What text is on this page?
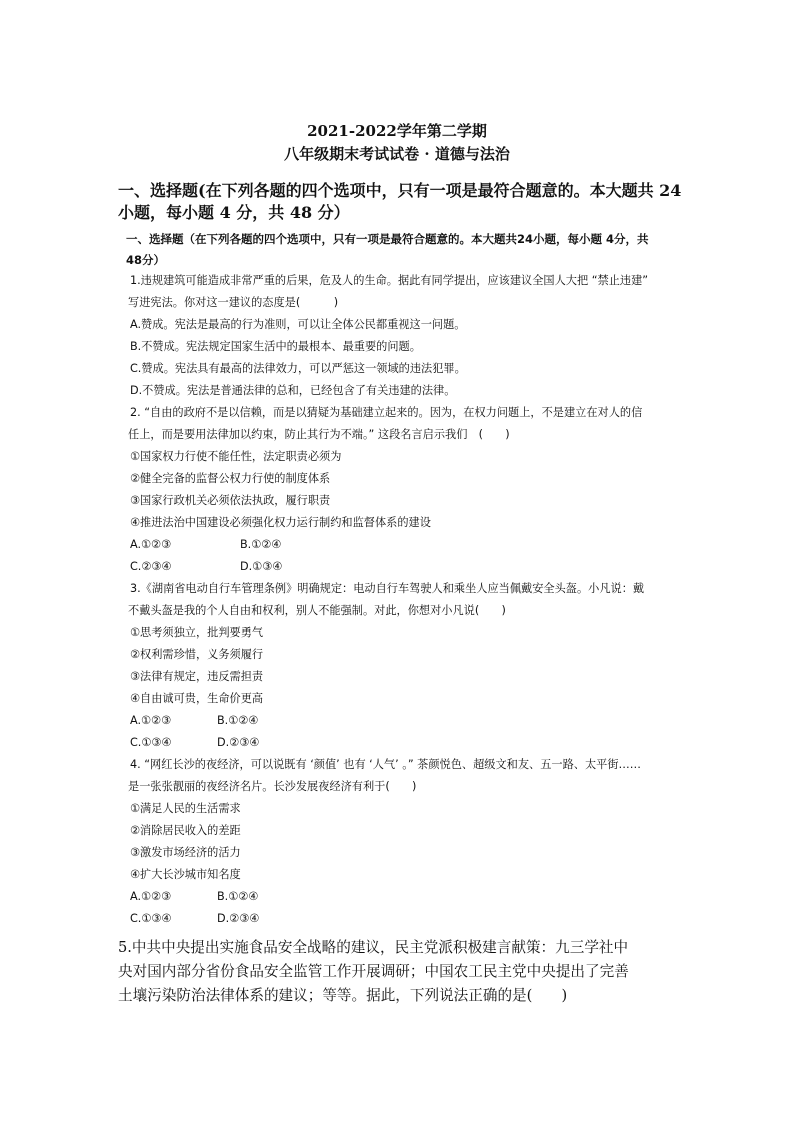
2021-2022学年第二学期
八年级期末考试试卷 · 道德与法治
一、选择题(在下列各题的四个选项中，只有一项是最符合题意的。本大题共 24
小题，每小题 4 分，共 48 分）
一、选择题（在下列各题的四个选项中，只有一项是最符合题意的。本大题共24小题，每小题 4分，共
48分）
1.违规建筑可能造成非常严重的后果，危及人的生命。据此有同学提出，应该建议全国人大把 “禁止违建”
写进宪法。你对这一建议的态度是(　　　)
A.赞成。宪法是最高的行为准则，可以让全体公民都重视这一问题。
B.不赞成。宪法规定国家生活中的最根本、最重要的问题。
C.赞成。宪法具有最高的法律效力，可以严惩这一领域的违法犯罪。
D.不赞成。宪法是普通法律的总和，已经包含了有关违建的法律。
2. “自由的政府不是以信赖，而是以猜疑为基础建立起来的。因为，在权力问题上，不是建立在对人的信
任上，而是要用法律加以约束，防止其行为不端。” 这段名言启示我们　(　　)
①国家权力行使不能任性，法定职责必须为
②健全完备的监督公权力行使的制度体系
③国家行政机关必须依法执政，履行职责
④推进法治中国建设必须强化权力运行制约和监督体系的建设
A.①②③	B.①②④
C.②③④	D.①③④
3.《湖南省电动自行车管理条例》明确规定：电动自行车驾驶人和乘坐人应当佩戴安全头盔。小凡说：戴
不戴头盔是我的个人自由和权利，别人不能强制。对此，你想对小凡说(　　)
①思考须独立，批判要勇气
②权利需珍惜，义务须履行
③法律有规定，违反需担责
④自由诚可贵，生命价更高
A.①②③	B.①②④
C.①③④	D.②③④
4. “网红长沙的夜经济，可以说既有 ‘颜值’ 也有 ‘人气’ 。” 茶颜悦色、超级文和友、五一路、太平街……
是一张张靓丽的夜经济名片。长沙发展夜经济有利于(　　)
①满足人民的生活需求
②消除居民收入的差距
③激发市场经济的活力
④扩大长沙城市知名度
A.①②③	B.①②④
C.①③④	D.②③④
5.中共中央提出实施食品安全战略的建议，民主党派积极建言献策：九三学社中
央对国内部分省份食品安全监管工作开展调研；中国农工民主党中央提出了完善
土壤污染防治法律体系的建议；等等。据此，下列说法正确的是(　　)
